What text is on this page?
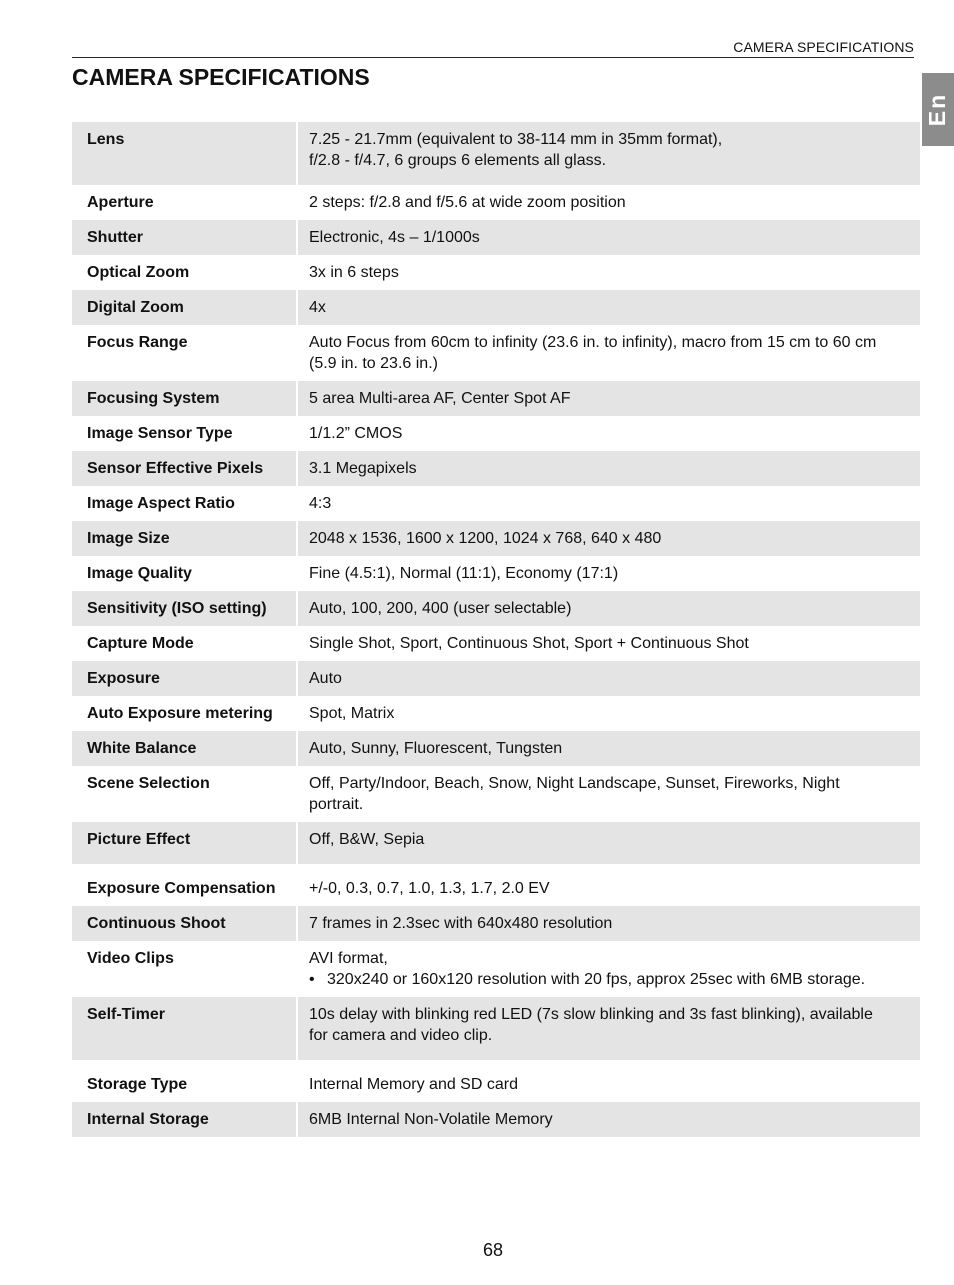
CAMERA SPECIFICATIONS
CAMERA SPECIFICATIONS
En
Lens	7.25 - 21.7mm (equivalent to 38-114 mm in 35mm format),
f/2.8 - f/4.7, 6 groups 6 elements all glass.

Aperture	2 steps: f/2.8 and f/5.6 at wide zoom position

Shutter	Electronic, 4s – 1/1000s

Optical Zoom	3x in 6 steps

Digital Zoom	4x

Focus Range	Auto Focus from 60cm to infinity (23.6 in. to infinity), macro from 15 cm to 60 cm
(5.9 in. to 23.6 in.)

Focusing System	5 area Multi-area AF, Center Spot AF

Image Sensor Type	1/1.2” CMOS

Sensor Effective Pixels	3.1 Megapixels

Image Aspect Ratio	4:3

Image Size	2048 x 1536, 1600 x 1200, 1024 x 768, 640 x 480

Image Quality	Fine (4.5:1), Normal (11:1), Economy (17:1)

Sensitivity (ISO setting)	Auto, 100, 200, 400 (user selectable)

Capture Mode	Single Shot, Sport, Continuous Shot, Sport + Continuous Shot

Exposure	Auto

Auto Exposure metering	Spot, Matrix

White Balance	Auto, Sunny, Fluorescent, Tungsten

Scene Selection	Off, Party/Indoor, Beach, Snow, Night Landscape, Sunset, Fireworks, Night
portrait.

Picture Effect	Off, B&W, Sepia

Exposure Compensation	+/-0, 0.3, 0.7, 1.0, 1.3, 1.7, 2.0 EV

Continuous Shoot	7 frames in 2.3sec with 640x480 resolution

Video Clips	AVI format,
• 320x240 or 160x120 resolution with 20 fps, approx 25sec with 6MB storage.

Self-Timer	10s delay with blinking red LED (7s slow blinking and 3s fast blinking), available
for camera and video clip.

Storage Type	Internal Memory and SD card

Internal Storage	6MB Internal Non-Volatile Memory
68
